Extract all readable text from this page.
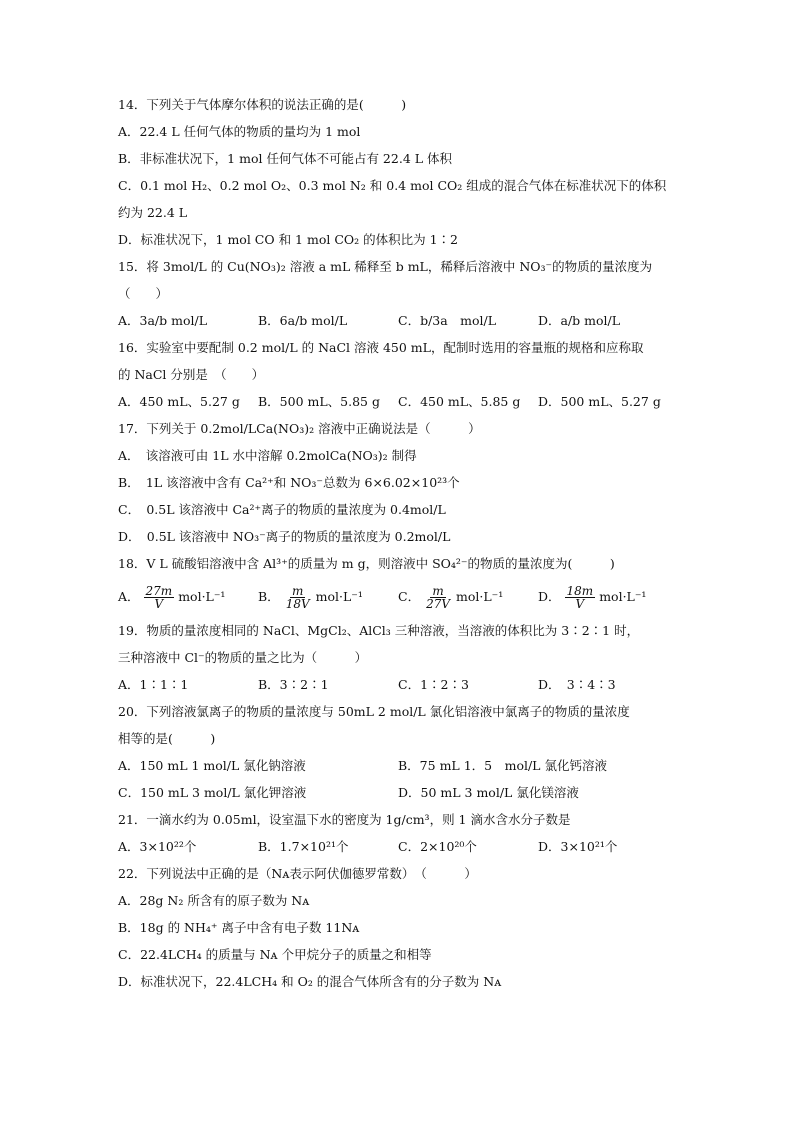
14．下列关于气体摩尔体积的说法正确的是(　　　)
A．22.4 L 任何气体的物质的量均为 1 mol
B．非标准状况下，1 mol 任何气体不可能占有 22.4 L 体积
C．0.1 mol H₂、0.2 mol O₂、0.3 mol N₂ 和 0.4 mol CO₂ 组成的混合气体在标准状况下的体积
约为 22.4 L
D．标准状况下，1 mol CO 和 1 mol CO₂ 的体积比为 1∶2
15．将 3mol/L 的 Cu(NO₃)₂ 溶液 a mL 稀释至 b mL，稀释后溶液中 NO₃⁻的物质的量浓度为
（　　）
A．3a/b mol/L	B．6a/b mol/L	C．b/3a　mol/L	D．a/b mol/L
16．实验室中要配制 0.2 mol/L 的 NaCl 溶液 450 mL，配制时选用的容量瓶的规格和应称取
的 NaCl 分别是　（　　）
A．450 mL、5.27 g B．500 mL、5.85 g C．450 mL、5.85 g D．500 mL、5.27 g
17．下列关于 0.2mol/LCa(NO₃)₂ 溶液中正确说法是（　　　）
A．　该溶液可由 1L 水中溶解 0.2molCa(NO₃)₂ 制得
B．　1L 该溶液中含有 Ca²⁺和 NO₃⁻总数为 6×6.02×10²³个
C．　0.5L 该溶液中 Ca²⁺离子的物质的量浓度为 0.4mol/L
D．　0.5L 该溶液中 NO₃⁻离子的物质的量浓度为 0.2mol/L
18．V L 硫酸铝溶液中含 Al³⁺的质量为 m g，则溶液中 SO₄²⁻的物质的量浓度为(　　　)
A． $\frac{27m}{V} mol\cdot L^{-1}$	B． $\frac{m}{18V} mol\cdot L^{-1}$	C． $\frac{m}{27V} mol\cdot L^{-1}$	D． $\frac{18m}{V} mol\cdot L^{-1}$
19．物质的量浓度相同的 NaCl、MgCl₂、AlCl₃ 三种溶液，当溶液的体积比为 3∶2∶1 时，
三种溶液中 Cl⁻的物质的量之比为（　　　）
A．1∶1∶1	B．3∶2∶1	C．1∶2∶3	D．　3∶4∶3
20．下列溶液氯离子的物质的量浓度与 50mL 2 mol/L 氯化铝溶液中氯离子的物质的量浓度
相等的是(　　　)
A．150 mL 1 mol/L 氯化钠溶液	B．75 mL 1．5　mol/L 氯化钙溶液
C．150 mL 3 mol/L 氯化钾溶液	D．50 mL 3 mol/L 氯化镁溶液
21．一滴水约为 0.05ml，设室温下水的密度为 1g/cm³，则 1 滴水含水分子数是
A．3×10²²个	B．1.7×10²¹个	C．2×10²⁰个	D．3×10²¹个
22．下列说法中正确的是（Nᴀ表示阿伏伽德罗常数）　（　　　）
A．28g N₂ 所含有的原子数为 Nᴀ
B．18g 的 NH₄⁺ 离子中含有电子数 11Nᴀ
C．22.4LCH₄ 的质量与 Nᴀ 个甲烷分子的质量之和相等
D．标准状况下，22.4LCH₄ 和 O₂ 的混合气体所含有的分子数为 Nᴀ
